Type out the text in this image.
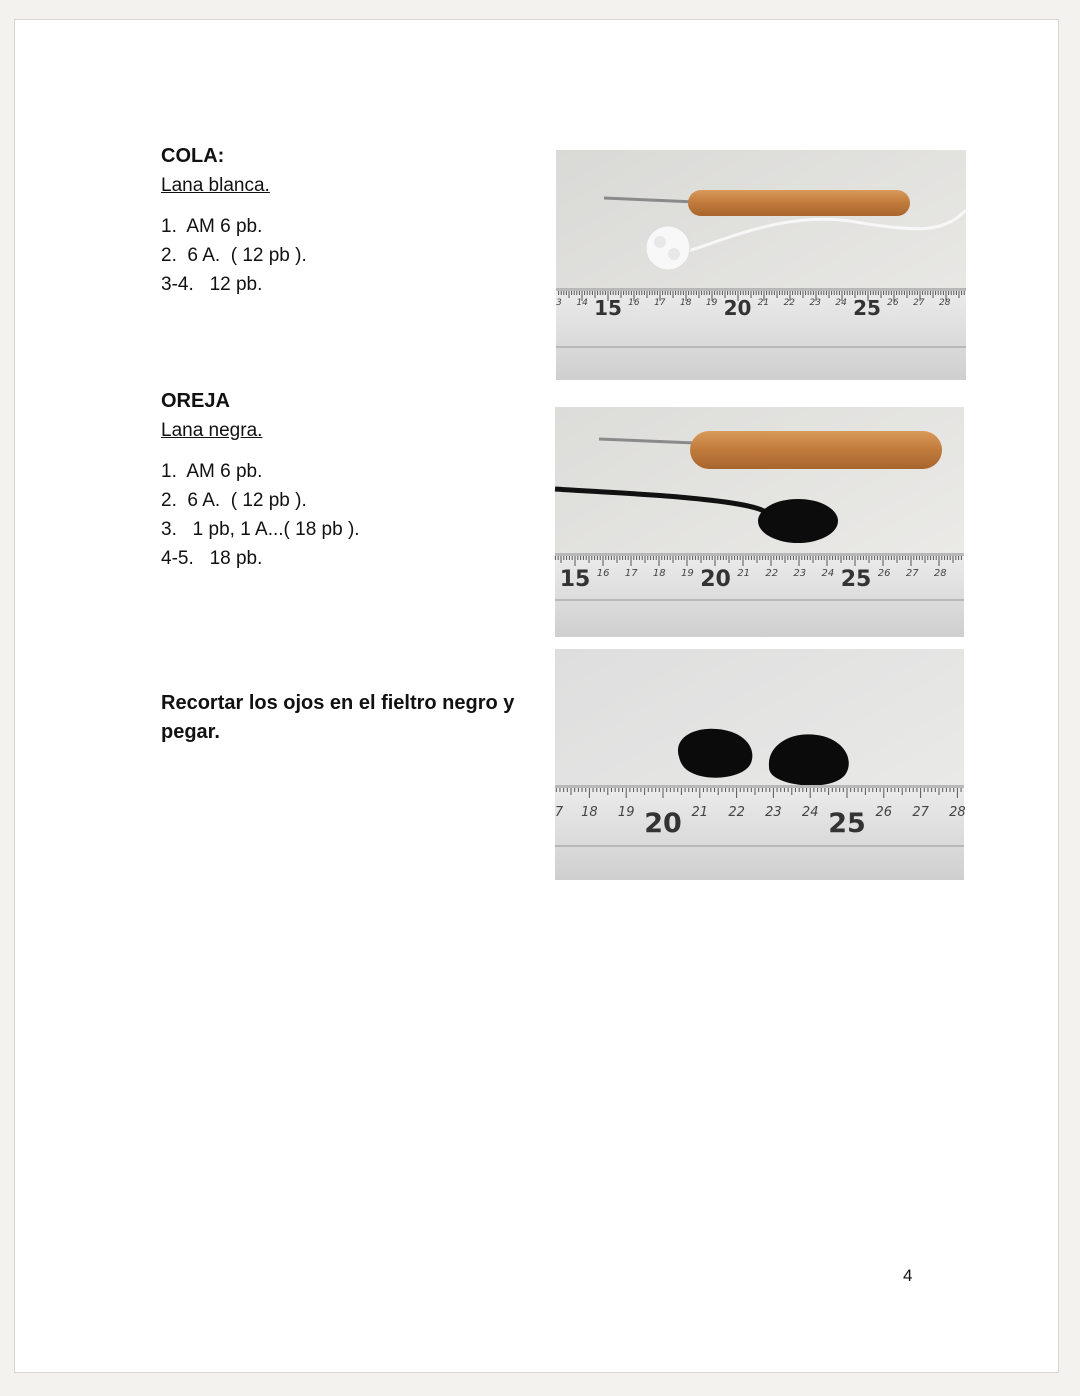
COLA:
Lana blanca.
1.  AM 6 pb.
2.  6 A.  ( 12 pb ).
3-4.   12 pb.
OREJA
Lana negra.
1.  AM 6 pb.
2.  6 A.  ( 12 pb ).
3.   1 pb, 1 A...( 18 pb ).
4-5.   18 pb.
Recortar los ojos en el fieltro negro y pegar.
3 14	16 17 18 19	21 22 23 24	26 27 28
15	20	25
16 17 18 19	21 22 23 24	26 27 28
15	20	25
7 18 19	21 22 23 24	26 27 28
20	25
4
